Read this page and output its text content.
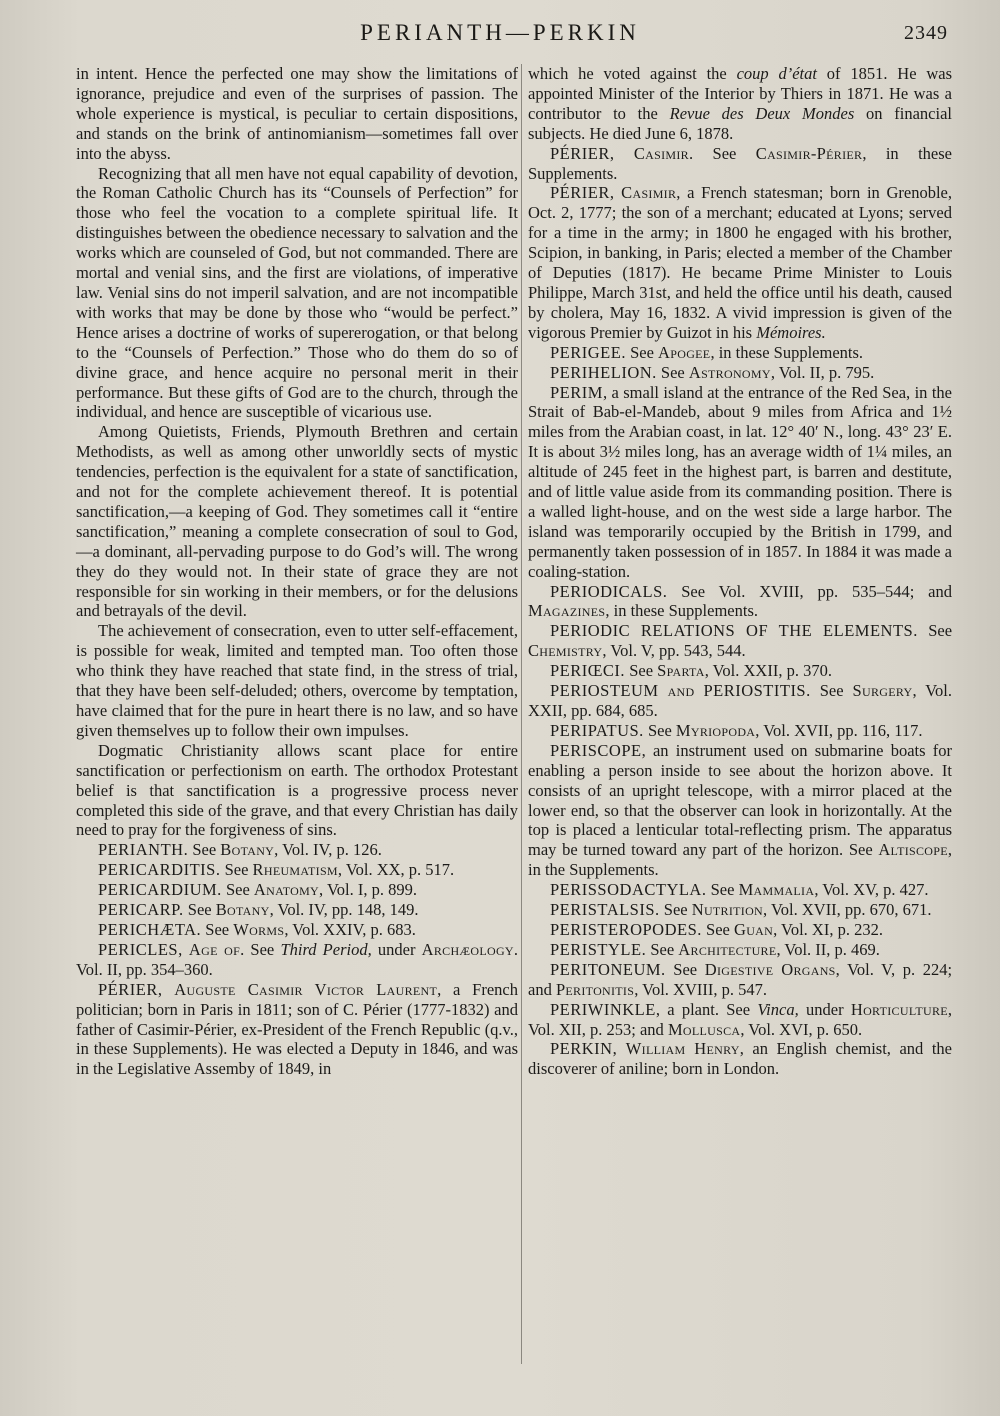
PERIANTH—PERKIN	2349

in intent. Hence the perfected one may show the limitations of ignorance, prejudice and even of the surprises of passion. The whole experience is mystical, is peculiar to certain dispositions, and stands on the brink of antinomianism—sometimes fall over into the abyss.

Recognizing that all men have not equal capability of devotion, the Roman Catholic Church has its “Counsels of Perfection” for those who feel the vocation to a complete spiritual life. It distinguishes between the obedience necessary to salvation and the works which are counseled of God, but not commanded. There are mortal and venial sins, and the first are violations, of imperative law. Venial sins do not imperil salvation, and are not incompatible with works that may be done by those who “would be perfect.” Hence arises a doctrine of works of supererogation, or that belong to the “Counsels of Perfection.” Those who do them do so of divine grace, and hence acquire no personal merit in their performance. But these gifts of God are to the church, through the individual, and hence are susceptible of vicarious use.

Among Quietists, Friends, Plymouth Brethren and certain Methodists, as well as among other unworldly sects of mystic tendencies, perfection is the equivalent for a state of sanctification, and not for the complete achievement thereof. It is potential sanctification,—a keeping of God. They sometimes call it “entire sanctification,” meaning a complete consecration of soul to God,—a dominant, all-pervading purpose to do God’s will. The wrong they do they would not. In their state of grace they are not responsible for sin working in their members, or for the delusions and betrayals of the devil.

The achievement of consecration, even to utter self-effacement, is possible for weak, limited and tempted man. Too often those who think they have reached that state find, in the stress of trial, that they have been self-deluded; others, overcome by temptation, have claimed that for the pure in heart there is no law, and so have given themselves up to follow their own impulses.

Dogmatic Christianity allows scant place for entire sanctification or perfectionism on earth. The orthodox Protestant belief is that sanctification is a progressive process never completed this side of the grave, and that every Christian has daily need to pray for the forgiveness of sins.

PERIANTH. See Botany, Vol. IV, p. 126.

PERICARDITIS. See Rheumatism, Vol. XX, p. 517.

PERICARDIUM. See Anatomy, Vol. I, p. 899.

PERICARP. See Botany, Vol. IV, pp. 148, 149.

PERICHÆTA. See Worms, Vol. XXIV, p. 683.

PERICLES, Age of. See Third Period, under Archæology. Vol. II, pp. 354–360.

PÉRIER, Auguste Casimir Victor Laurent, a French politician; born in Paris in 1811; son of C. Périer (1777-1832) and father of Casimir-Périer, ex-President of the French Republic (q.v., in these Supplements). He was elected a Deputy in 1846, and was in the Legislative Assemby of 1849, in

which he voted against the coup d’état of 1851. He was appointed Minister of the Interior by Thiers in 1871. He was a contributor to the Revue des Deux Mondes on financial subjects. He died June 6, 1878.

PÉRIER, Casimir. See Casimir-Périer, in these Supplements.

PÉRIER, Casimir, a French statesman; born in Grenoble, Oct. 2, 1777; the son of a merchant; educated at Lyons; served for a time in the army; in 1800 he engaged with his brother, Scipion, in banking, in Paris; elected a member of the Chamber of Deputies (1817). He became Prime Minister to Louis Philippe, March 31st, and held the office until his death, caused by cholera, May 16, 1832. A vivid impression is given of the vigorous Premier by Guizot in his Mémoires.

PERIGEE. See Apogee, in these Supplements.

PERIHELION. See Astronomy, Vol. II, p. 795.

PERIM, a small island at the entrance of the Red Sea, in the Strait of Bab-el-Mandeb, about 9 miles from Africa and 1½ miles from the Arabian coast, in lat. 12° 40′ N., long. 43° 23′ E. It is about 3½ miles long, has an average width of 1¼ miles, an altitude of 245 feet in the highest part, is barren and destitute, and of little value aside from its commanding position. There is a walled light-house, and on the west side a large harbor. The island was temporarily occupied by the British in 1799, and permanently taken possession of in 1857. In 1884 it was made a coaling-station.

PERIODICALS. See Vol. XVIII, pp. 535–544; and Magazines, in these Supplements.

PERIODIC RELATIONS OF THE ELEMENTS. See Chemistry, Vol. V, pp. 543, 544.

PERIŒCI. See Sparta, Vol. XXII, p. 370.

PERIOSTEUM and PERIOSTITIS. See Surgery, Vol. XXII, pp. 684, 685.

PERIPATUS. See Myriopoda, Vol. XVII, pp. 116, 117.

PERISCOPE, an instrument used on submarine boats for enabling a person inside to see about the horizon above. It consists of an upright telescope, with a mirror placed at the lower end, so that the observer can look in horizontally. At the top is placed a lenticular total-reflecting prism. The apparatus may be turned toward any part of the horizon. See Altiscope, in the Supplements.

PERISSODACTYLA. See Mammalia, Vol. XV, p. 427.

PERISTALSIS. See Nutrition, Vol. XVII, pp. 670, 671.

PERISTEROPODES. See Guan, Vol. XI, p. 232.

PERISTYLE. See Architecture, Vol. II, p. 469.

PERITONEUM. See Digestive Organs, Vol. V, p. 224; and Peritonitis, Vol. XVIII, p. 547.

PERIWINKLE, a plant. See Vinca, under Horticulture, Vol. XII, p. 253; and Mollusca, Vol. XVI, p. 650.

PERKIN, William Henry, an English chemist, and the discoverer of aniline; born in London.
